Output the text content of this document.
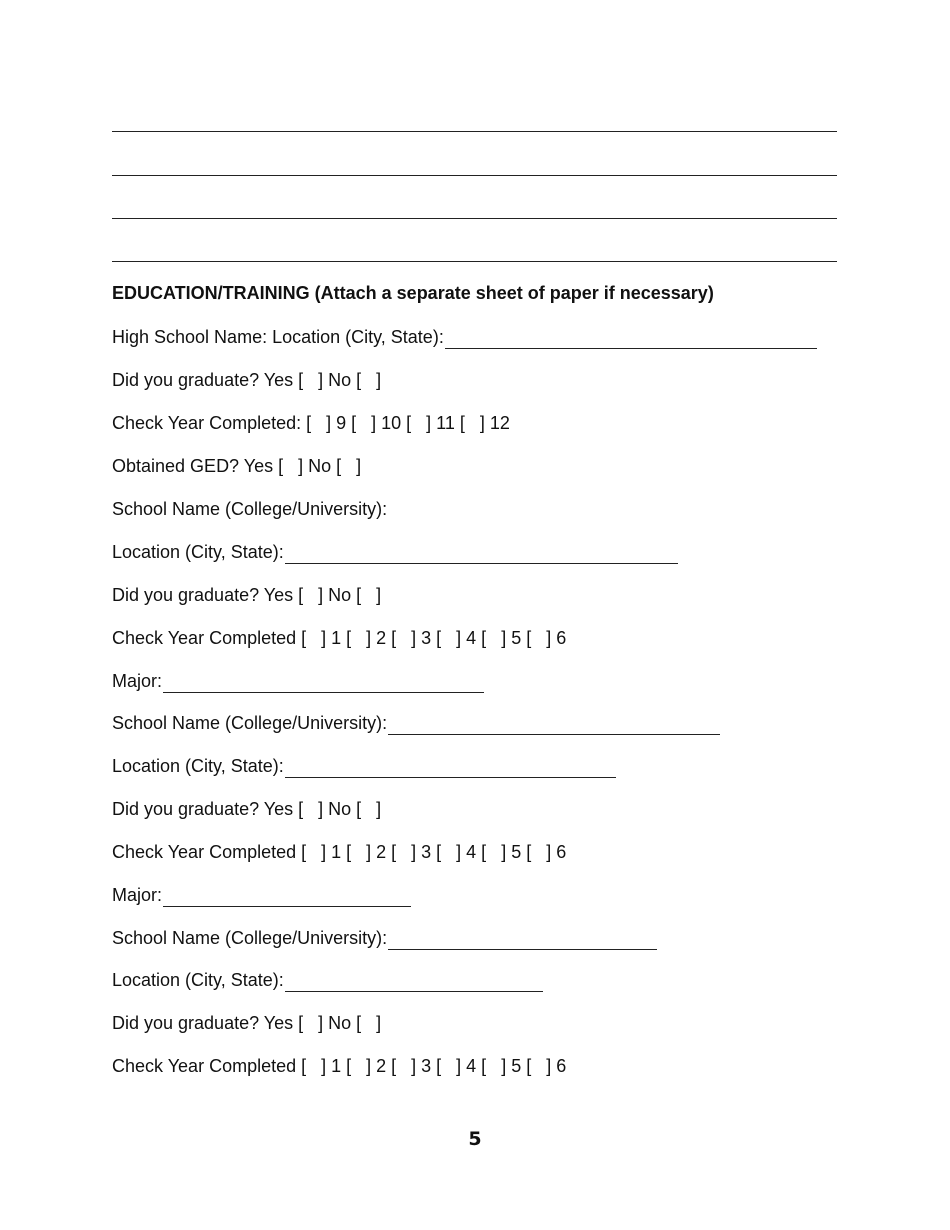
EDUCATION/TRAINING (Attach a separate sheet of paper if necessary)
High School Name: Location (City, State):
Did you graduate? Yes [   ] No [   ]
Check Year Completed: [   ] 9 [   ] 10 [   ] 11 [   ] 12
Obtained GED? Yes [   ] No [   ]
School Name (College/University):
Location (City, State):
Did you graduate? Yes [   ] No [   ]
Check Year Completed [   ] 1 [   ] 2 [   ] 3 [   ] 4 [   ] 5 [   ] 6
Major:
School Name (College/University):
Location (City, State):
Did you graduate? Yes [   ] No [   ]
Check Year Completed [   ] 1 [   ] 2 [   ] 3 [   ] 4 [   ] 5 [   ] 6
Major:
School Name (College/University):
Location (City, State):
Did you graduate? Yes [   ] No [   ]
Check Year Completed [   ] 1 [   ] 2 [   ] 3 [   ] 4 [   ] 5 [   ] 6
5
